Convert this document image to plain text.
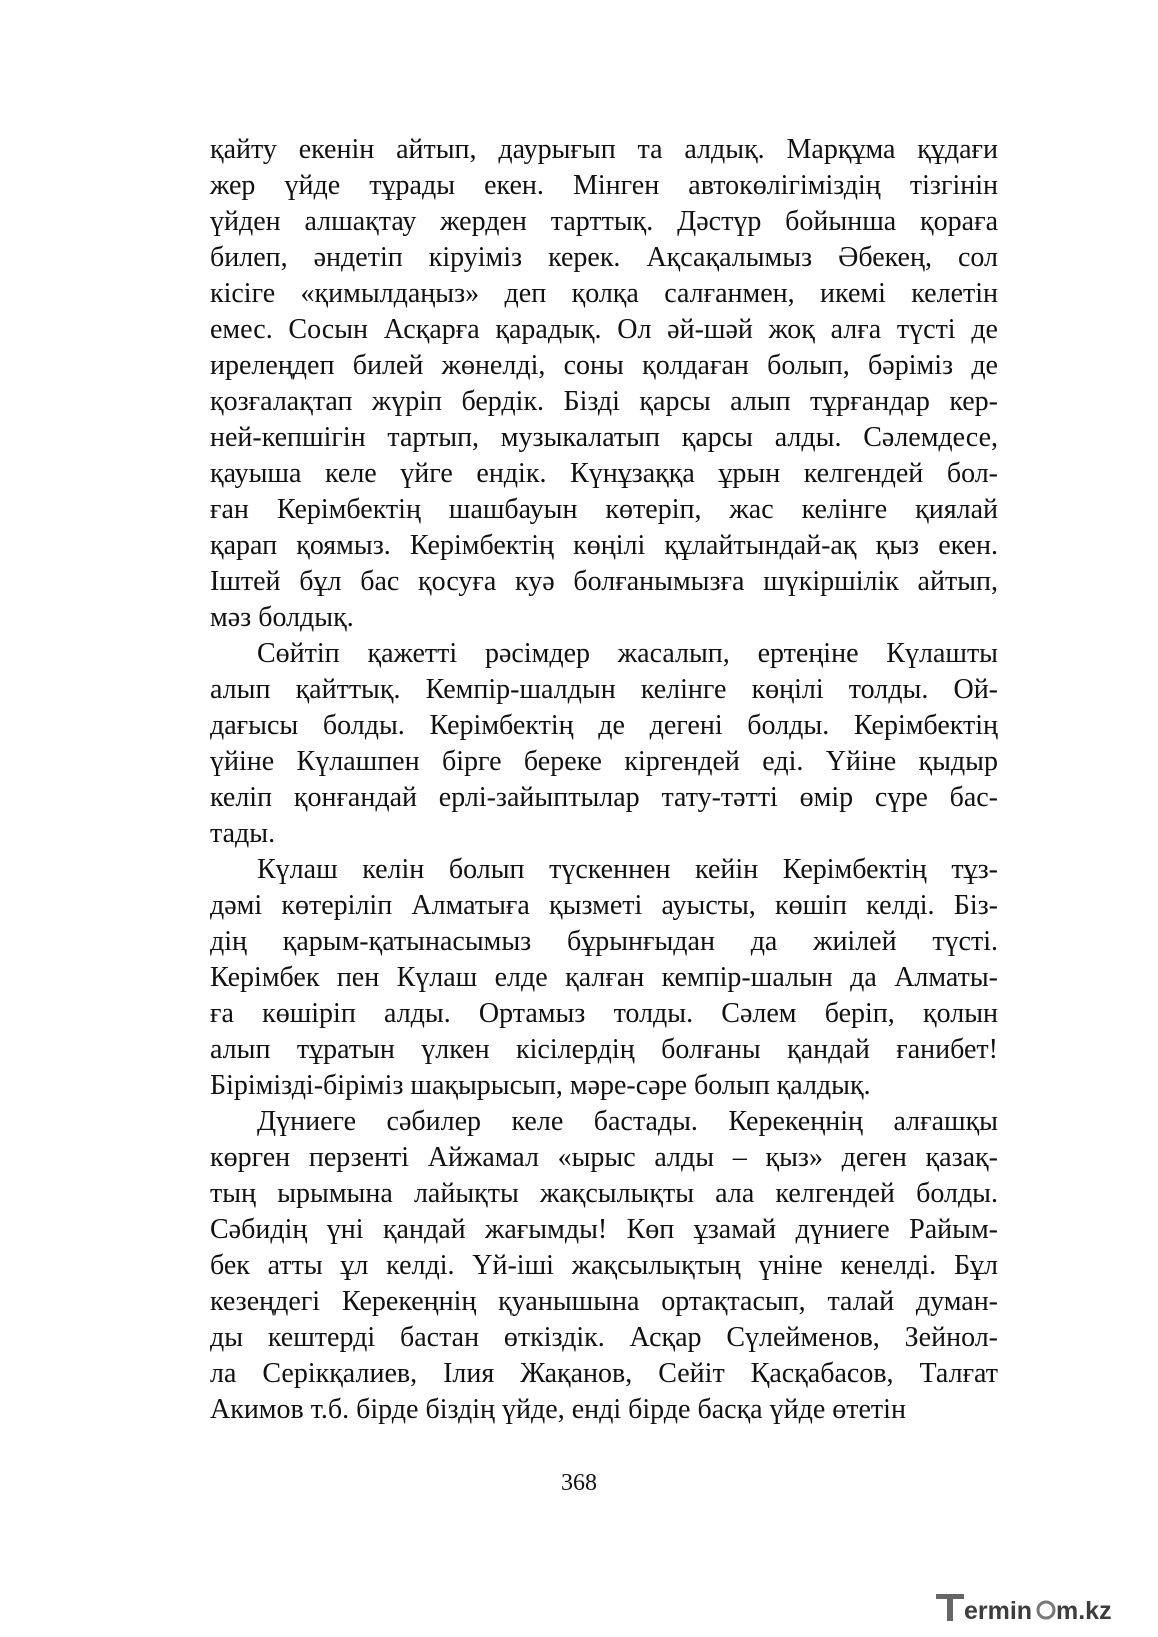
қайту екенін айтып, даурығып та алдық. Марқұма құдағи
жер үйде тұрады екен. Мінген автокөлігіміздің тізгінін
үйден алшақтау жерден тарттық. Дәстүр бойынша қораға
билеп, әндетіп кіруіміз керек. Ақсақалымыз Әбекең, сол
кісіге «қимылдаңыз» деп қолқа салғанмен, икемі келетін
емес. Сосын Асқарға қарадық. Ол әй-шәй жоқ алға түсті де
ирелеңдеп билей жөнелді, соны қолдаған болып, бәріміз де
қозғалақтап жүріп бердік. Бізді қарсы алып тұрғандар кер-
ней-кепшігін тартып, музыкалатып қарсы алды. Сәлемдесе,
қауыша келе үйге ендік. Күнұзаққа ұрын келгендей бол-
ған Керімбектің шашбауын көтеріп, жас келінге қиялай
қарап қоямыз. Керімбектің көңілі құлайтындай-ақ қыз екен.
Іштей бұл бас қосуға куә болғанымызға шүкіршілік айтып,
мәз болдық.
Сөйтіп қажетті рәсімдер жасалып, ертеңіне Күлашты
алып қайттық. Кемпір-шалдын келінге көңілі толды. Ой-
дағысы болды. Керімбектің де дегені болды. Керімбектің
үйіне Күлашпен бірге береке кіргендей еді. Үйіне қыдыр
келіп қонғандай ерлі-зайыптылар тату-тәтті өмір сүре бас-
тады.
Күлаш келін болып түскеннен кейін Керімбектің тұз-
дәмі көтеріліп Алматыға қызметі ауысты, көшіп келді. Біз-
дің қарым-қатынасымыз бұрынғыдан да жиілей түсті.
Керімбек пен Күлаш елде қалған кемпір-шалын да Алматы-
ға көшіріп алды. Ортамыз толды. Сәлем беріп, қолын
алып тұратын үлкен кісілердің болғаны қандай ғанибет!
Бірімізді-біріміз шақырысып, мәре-сәре болып қалдық.
Дүниеге сәбилер келе бастады. Керекеңнің алғашқы
көрген перзенті Айжамал «ырыс алды – қыз» деген қазақ-
тың ырымына лайықты жақсылықты ала келгендей болды.
Сәбидің үні қандай жағымды! Көп ұзамай дүниеге Райым-
бек атты ұл келді. Үй-іші жақсылықтың үніне кенелді. Бұл
кезеңдегі Керекеңнің қуанышына ортақтасып, талай думан-
ды кештерді бастан өткіздік. Асқар Сүлейменов, Зейнол-
ла Серікқалиев, Ілия Жақанов, Сейіт Қасқабасов, Талғат
Акимов т.б. бірде біздің үйде, енді бірде басқа үйде өтетін
368
ermin m.kz
